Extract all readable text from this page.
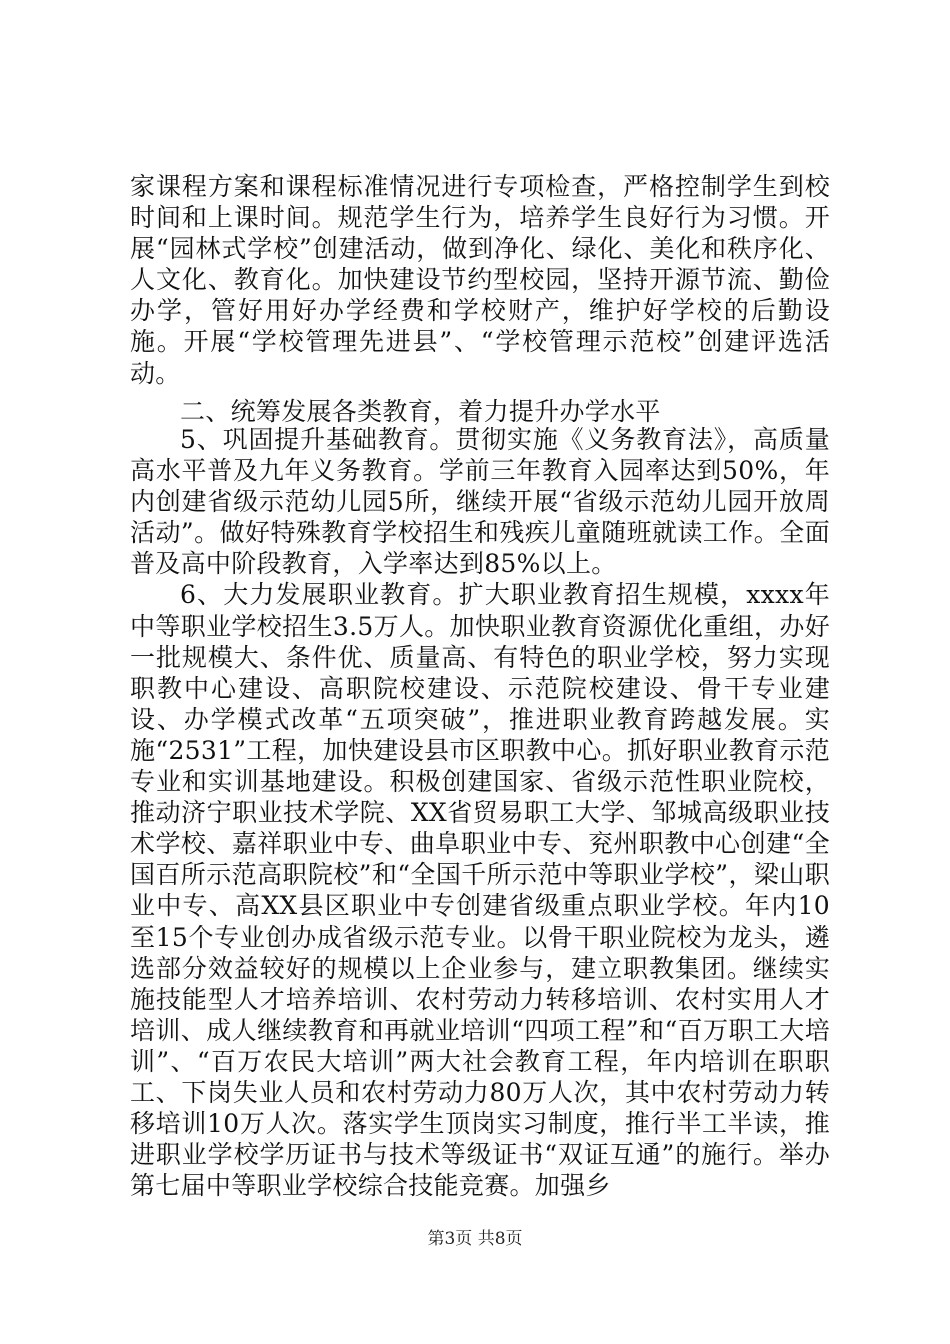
家课程方案和课程标准情况进行专项检查，严格控制学生到校时间和上课时间。规范学生行为，培养学生良好行为习惯。开展“园林式学校”创建活动，做到净化、绿化、美化和秩序化、人文化、教育化。加快建设节约型校园，坚持开源节流、勤俭办学，管好用好办学经费和学校财产，维护好学校的后勤设施。开展“学校管理先进县”、“学校管理示范校”创建评选活动。

二、统筹发展各类教育，着力提升办学水平

5、巩固提升基础教育。贯彻实施《义务教育法》，高质量高水平普及九年义务教育。学前三年教育入园率达到50%，年内创建省级示范幼儿园5所，继续开展“省级示范幼儿园开放周活动”。做好特殊教育学校招生和残疾儿童随班就读工作。全面普及高中阶段教育，入学率达到85%以上。

6、大力发展职业教育。扩大职业教育招生规模，xxxx年中等职业学校招生3.5万人。加快职业教育资源优化重组，办好一批规模大、条件优、质量高、有特色的职业学校，努力实现职教中心建设、高职院校建设、示范院校建设、骨干专业建设、办学模式改革“五项突破”，推进职业教育跨越发展。实施“2531”工程，加快建设县市区职教中心。抓好职业教育示范专业和实训基地建设。积极创建国家、省级示范性职业院校，推动济宁职业技术学院、XX省贸易职工大学、邹城高级职业技术学校、嘉祥职业中专、曲阜职业中专、兖州职教中心创建“全国百所示范高职院校”和“全国千所示范中等职业学校”，梁山职业中专、高XX县区职业中专创建省级重点职业学校。年内10至15个专业创办成省级示范专业。以骨干职业院校为龙头，遴选部分效益较好的规模以上企业参与，建立职教集团。继续实施技能型人才培养培训、农村劳动力转移培训、农村实用人才培训、成人继续教育和再就业培训“四项工程”和“百万职工大培训”、“百万农民大培训”两大社会教育工程，年内培训在职职工、下岗失业人员和农村劳动力80万人次，其中农村劳动力转移培训10万人次。落实学生顶岗实习制度，推行半工半读，推进职业学校学历证书与技术等级证书“双证互通”的施行。举办第七届中等职业学校综合技能竞赛。加强乡

第3页 共8页
